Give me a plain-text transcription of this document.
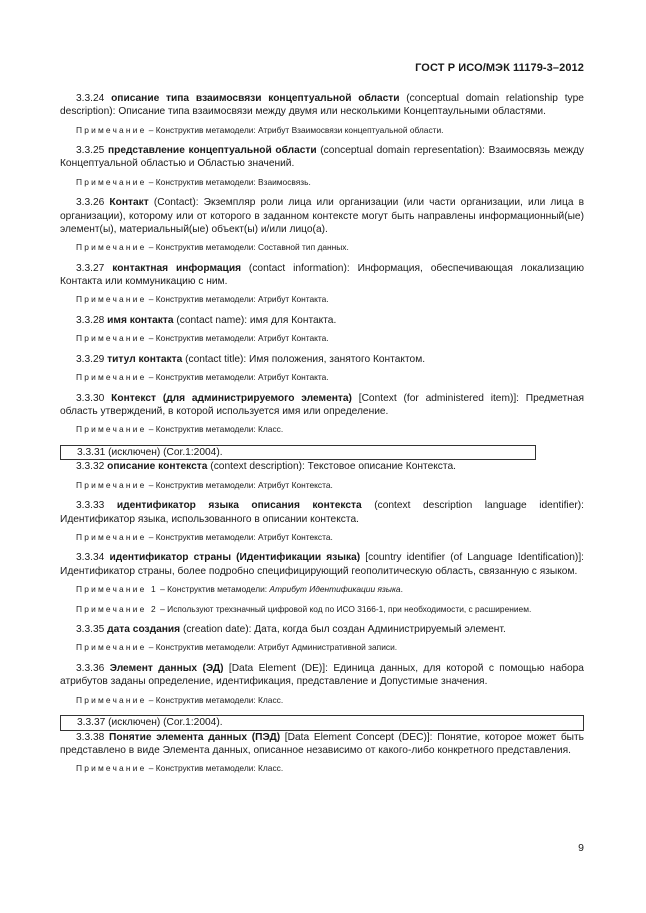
ГОСТ Р ИСО/МЭК 11179-3–2012

3.3.24 описание типа взаимосвязи концептуальной области (conceptual domain relationship type description): Описание типа взаимосвязи между двумя или несколькими Концептаульными областями.

Примечание – Конструктив метамодели: Атрибут Взаимосвязи концептуальной области.

3.3.25 представление концептуальной области (conceptual domain representation): Взаимосвязь между Концептуальной областью и Областью значений.

Примечание – Конструктив метамодели: Взаимосвязь.

3.3.26 Контакт (Contact): Экземпляр роли лица или организации (или части организации, или лица в организации), которому или от которого в заданном контексте могут быть направлены информационный(ые) элемент(ы), материальный(ые) объект(ы) и/или лицо(а).

Примечание – Конструктив метамодели: Составной тип данных.

3.3.27 контактная информация (contact information): Информация, обеспечивающая локализацию Контакта или коммуникацию с ним.

Примечание – Конструктив метамодели: Атрибут Контакта.

3.3.28 имя контакта (contact name): имя для Контакта.

Примечание – Конструктив метамодели: Атрибут Контакта.

3.3.29 титул контакта (contact title): Имя положения, занятого Контактом.

Примечание – Конструктив метамодели: Атрибут Контакта.

3.3.30 Контекст (для администрируемого элемента) [Context (for administered item)]: Предметная область утверждений, в которой используется имя или определение.

Примечание – Конструктив метамодели: Класс.

3.3.31 (исключен) (Cor.1:2004).

3.3.32 описание контекста (context description): Текстовое описание Контекста.

Примечание – Конструктив метамодели: Атрибут Контекста.

3.3.33 идентификатор языка описания контекста (context description language identifier): Идентификатор языка, использованного в описании контекста.

Примечание – Конструктив метамодели: Атрибут Контекста.

3.3.34 идентификатор страны (Идентификации языка) [country identifier (of Language Identification)]: Идентификатор страны, более подробно специфицирующий геополитическую область, связанную с языком.

Примечание 1 – Конструктив метамодели: Атрибут Идентификации языка.

Примечание 2 – Используют трехзначный цифровой код по ИСО 3166-1, при необходимости, с расширением.

3.3.35 дата создания (creation date): Дата, когда был создан Администрируемый элемент.

Примечание – Конструктив метамодели: Атрибут Административной записи.

3.3.36 Элемент данных (ЭД) [Data Element (DE)]: Единица данных, для которой с помощью набора атрибутов заданы определение, идентификация, представление и Допустимые значения.

Примечание – Конструктив метамодели: Класс.

3.3.37 (исключен) (Cor.1:2004).

3.3.38 Понятие элемента данных (ПЭД) [Data Element Concept (DEC)]: Понятие, которое может быть представлено в виде Элемента данных, описанное независимо от какого-либо конкретного представления.

Примечание – Конструктив метамодели: Класс.

9
